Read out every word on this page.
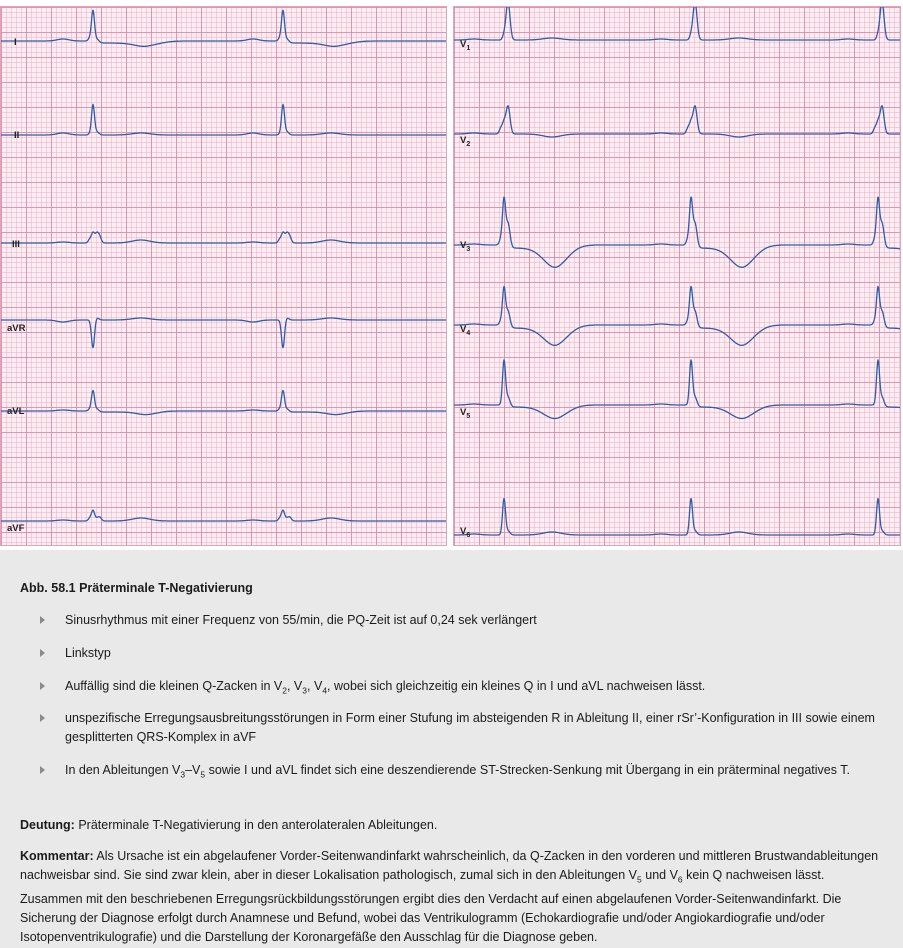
I
II
III
aVR
aVL
aVF
$V_1$
$V_2$
$V_3$
$V_4$
$V_5$
$V_6$

Abb. 58.1 Präterminale T-Negativierung

Sinusrhythmus mit einer Frequenz von 55/min, die PQ-Zeit ist auf 0,24 sek verlängert

Linkstyp

Auffällig sind die kleinen Q-Zacken in $V_2$, $V_3$, $V_4$, wobei sich gleichzeitig ein kleines Q in I und aVL nachweisen lässt.

unspezifische Erregungsausbreitungsstörungen in Form einer Stufung im absteigenden R in Ableitung II, einer rSr’-Konfiguration in III sowie einem gesplitterten QRS-Komplex in aVF

In den Ableitungen $V_3-V_5$ sowie I und aVL findet sich eine deszendierende ST-Strecken-Senkung mit Übergang in ein präterminal negatives T.

Deutung: Präterminale T-Negativierung in den anterolateralen Ableitungen.

Kommentar: Als Ursache ist ein abgelaufener Vorder-Seitenwandinfarkt wahrscheinlich, da Q-Zacken in den vorderen und mittleren Brustwandableitungen nachweisbar sind. Sie sind zwar klein, aber in dieser Lokalisation pathologisch, zumal sich in den Ableitungen $V_5$ und $V_6$ kein Q nachweisen lässt. Zusammen mit den beschriebenen Erregungsrückbildungsstörungen ergibt dies den Verdacht auf einen abgelaufenen Vorder-Seitenwandinfarkt. Die Sicherung der Diagnose erfolgt durch Anamnese und Befund, wobei das Ventrikulogramm (Echokardiografie und/oder Angiokardiografie und/oder Isotopenventrikulografie) und die Darstellung der Koronargefäße den Ausschlag für die Diagnose geben.
